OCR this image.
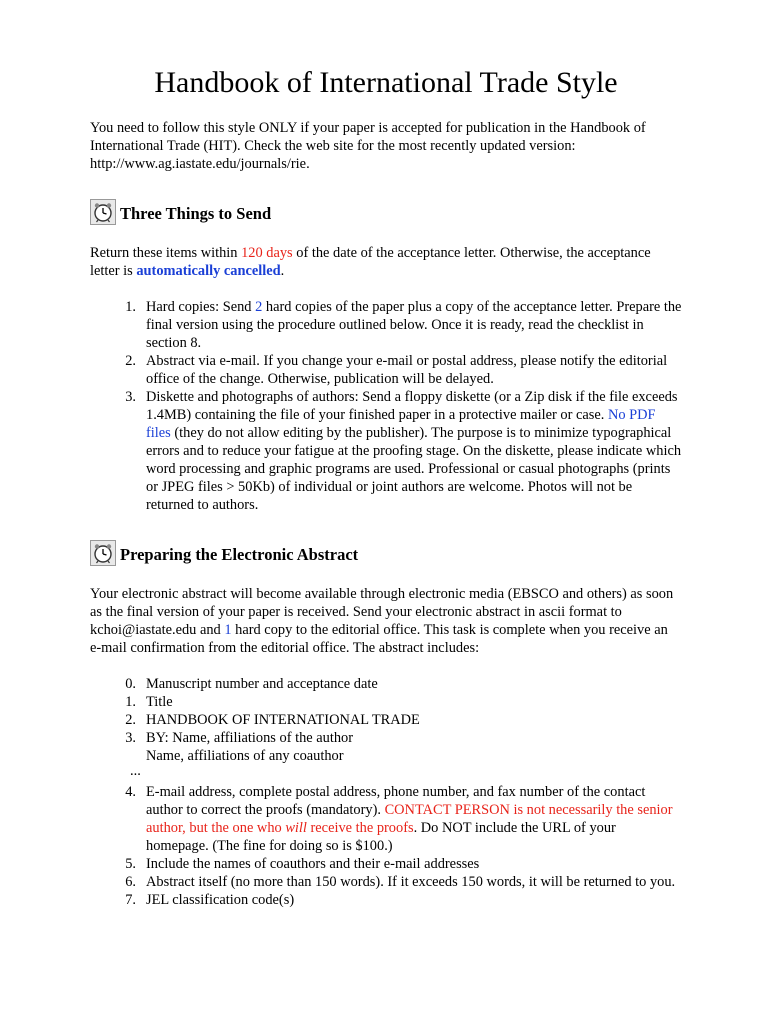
Handbook of International Trade Style

You need to follow this style ONLY if your paper is accepted for publication in the Handbook of International Trade (HIT). Check the web site for the most recently updated version: http://www.ag.iastate.edu/journals/rie.

Three Things to Send

Return these items within 120 days of the date of the acceptance letter. Otherwise, the acceptance letter is automatically cancelled.

1. Hard copies: Send 2 hard copies of the paper plus a copy of the acceptance letter. Prepare the final version using the procedure outlined below. Once it is ready, read the checklist in section 8.
2. Abstract via e-mail. If you change your e-mail or postal address, please notify the editorial office of the change. Otherwise, publication will be delayed.
3. Diskette and photographs of authors: Send a floppy diskette (or a Zip disk if the file exceeds 1.4MB) containing the file of your finished paper in a protective mailer or case. No PDF files (they do not allow editing by the publisher). The purpose is to minimize typographical errors and to reduce your fatigue at the proofing stage. On the diskette, please indicate which word processing and graphic programs are used. Professional or casual photographs (prints or JPEG files > 50Kb) of individual or joint authors are welcome. Photos will not be returned to authors.
Preparing the Electronic Abstract

Your electronic abstract will become available through electronic media (EBSCO and others) as soon as the final version of your paper is received. Send your electronic abstract in ascii format to kchoi@iastate.edu and 1 hard copy to the editorial office. This task is complete when you receive an e-mail confirmation from the editorial office. The abstract includes:

0. Manuscript number and acceptance date
1. Title
2. HANDBOOK OF INTERNATIONAL TRADE
3. BY: Name, affiliations of the author
Name, affiliations of any coauthor
...
4. E-mail address, complete postal address, phone number, and fax number of the contact author to correct the proofs (mandatory). CONTACT PERSON is not necessarily the senior author, but the one who will receive the proofs. Do NOT include the URL of your homepage. (The fine for doing so is $100.)
5. Include the names of coauthors and their e-mail addresses
6. Abstract itself (no more than 150 words). If it exceeds 150 words, it will be returned to you.
7. JEL classification code(s)
